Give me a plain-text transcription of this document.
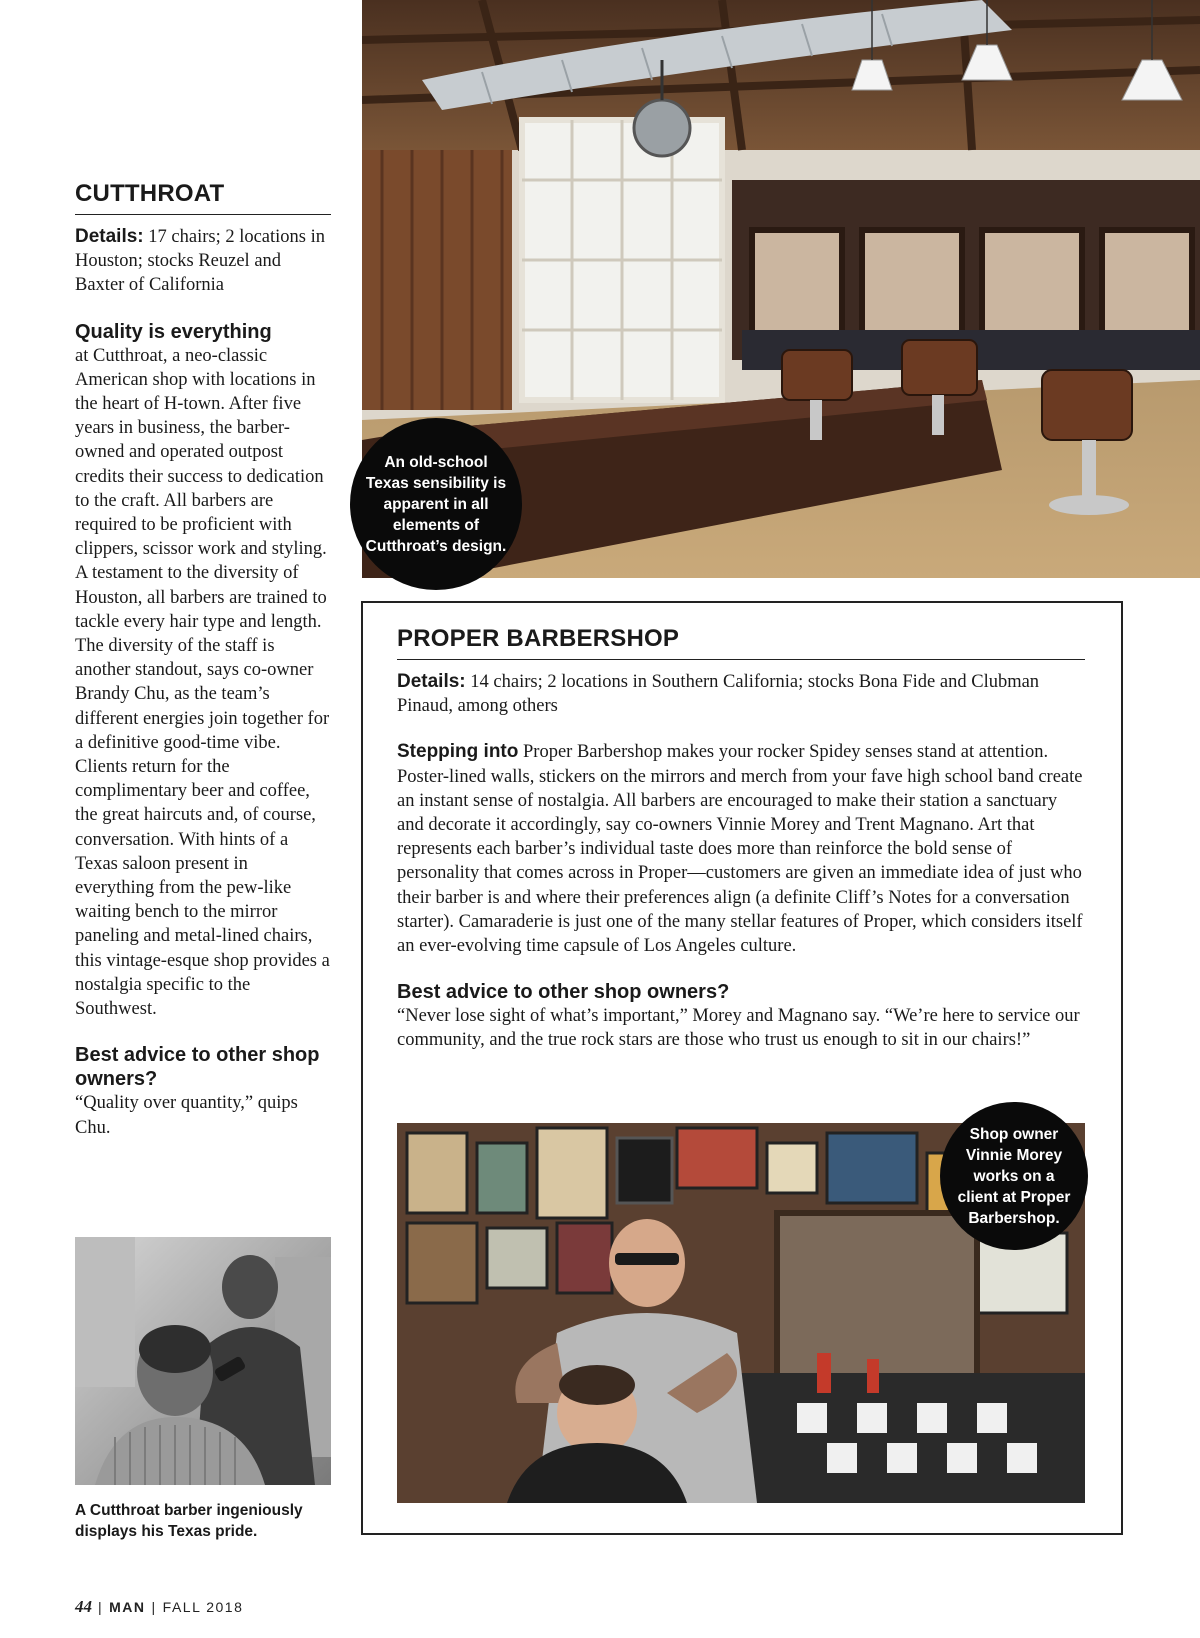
CUTTHROAT

Details: 17 chairs; 2 locations in Houston; stocks Reuzel and Baxter of California

Quality is everything

at Cutthroat, a neo-classic American shop with locations in the heart of H-town. After five years in business, the barber-owned and operated outpost credits their success to dedication to the craft. All barbers are required to be proficient with clippers, scissor work and styling. A testament to the diversity of Houston, all barbers are trained to tackle every hair type and length. The diversity of the staff is another standout, says co-owner Brandy Chu, as the team’s different energies join together for a definitive good-time vibe. Clients return for the complimentary beer and coffee, the great haircuts and, of course, conversation. With hints of a Texas saloon present in everything from the pew-like waiting bench to the mirror paneling and metal-lined chairs, this vintage-esque shop provides a nostalgia specific to the Southwest.

Best advice to other shop owners?

“Quality over quantity,” quips Chu.

A Cutthroat barber ingeniously displays his Texas pride.
An old-school Texas sensibility is apparent in all elements of Cutthroat’s design.
PROPER BARBERSHOP

Details: 14 chairs; 2 locations in Southern California; stocks Bona Fide and Clubman Pinaud, among others

Stepping into Proper Barbershop makes your rocker Spidey senses stand at attention. Poster-lined walls, stickers on the mirrors and merch from your fave high school band create an instant sense of nostalgia. All barbers are encouraged to make their station a sanctuary and decorate it accordingly, say co-owners Vinnie Morey and Trent Magnano. Art that represents each barber’s individual taste does more than reinforce the bold sense of personality that comes across in Proper—customers are given an immediate idea of just who their barber is and where their preferences align (a definite Cliff’s Notes for a conversation starter). Camaraderie is just one of the many stellar features of Proper, which considers itself an ever-evolving time capsule of Los Angeles culture.

Best advice to other shop owners?

“Never lose sight of what’s important,” Morey and Magnano say. “We’re here to service our community, and the true rock stars are those who trust us enough to sit in our chairs!”

Shop owner Vinnie Morey works on a client at Proper Barbershop.
44 | MAN | FALL 2018
